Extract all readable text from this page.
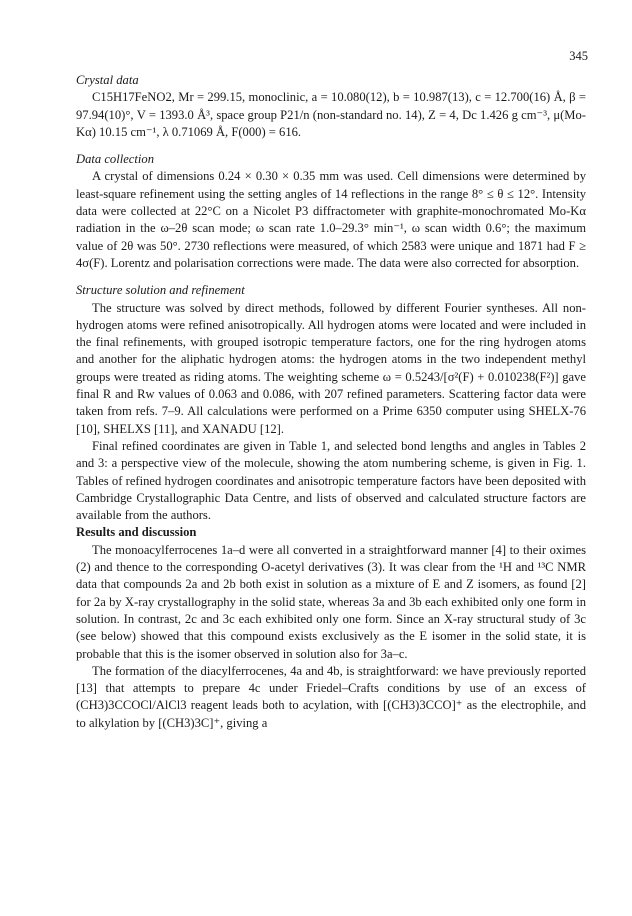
345

Crystal data

C15H17FeNO2, Mr = 299.15, monoclinic, a = 10.080(12), b = 10.987(13), c = 12.700(16) Å, β = 97.94(10)°, V = 1393.0 Å³, space group P21/n (non-standard no. 14), Z = 4, Dc 1.426 g cm⁻³, μ(Mo-Kα) 10.15 cm⁻¹, λ 0.71069 Å, F(000) = 616.

Data collection

A crystal of dimensions 0.24 × 0.30 × 0.35 mm was used. Cell dimensions were determined by least-square refinement using the setting angles of 14 reflections in the range 8° ≤ θ ≤ 12°. Intensity data were collected at 22°C on a Nicolet P3 diffractometer with graphite-monochromated Mo-Kα radiation in the ω–2θ scan mode; ω scan rate 1.0–29.3° min⁻¹, ω scan width 0.6°; the maximum value of 2θ was 50°. 2730 reflections were measured, of which 2583 were unique and 1871 had F ≥ 4σ(F). Lorentz and polarisation corrections were made. The data were also corrected for absorption.

Structure solution and refinement

The structure was solved by direct methods, followed by different Fourier syntheses. All non-hydrogen atoms were refined anisotropically. All hydrogen atoms were located and were included in the final refinements, with grouped isotropic temperature factors, one for the ring hydrogen atoms and another for the aliphatic hydrogen atoms: the hydrogen atoms in the two independent methyl groups were treated as riding atoms. The weighting scheme ω = 0.5243/[σ²(F) + 0.010238(F²)] gave final R and Rw values of 0.063 and 0.086, with 207 refined parameters. Scattering factor data were taken from refs. 7–9. All calculations were performed on a Prime 6350 computer using SHELX-76 [10], SHELXS [11], and XANADU [12].

Final refined coordinates are given in Table 1, and selected bond lengths and angles in Tables 2 and 3: a perspective view of the molecule, showing the atom numbering scheme, is given in Fig. 1. Tables of refined hydrogen coordinates and anisotropic temperature factors have been deposited with Cambridge Crystallographic Data Centre, and lists of observed and calculated structure factors are available from the authors.

Results and discussion

The monoacylferrocenes 1a–d were all converted in a straightforward manner [4] to their oximes (2) and thence to the corresponding O-acetyl derivatives (3). It was clear from the ¹H and ¹³C NMR data that compounds 2a and 2b both exist in solution as a mixture of E and Z isomers, as found [2] for 2a by X-ray crystallography in the solid state, whereas 3a and 3b each exhibited only one form in solution. In contrast, 2c and 3c each exhibited only one form. Since an X-ray structural study of 3c (see below) showed that this compound exists exclusively as the E isomer in the solid state, it is probable that this is the isomer observed in solution also for 3a–c.

The formation of the diacylferrocenes, 4a and 4b, is straightforward: we have previously reported [13] that attempts to prepare 4c under Friedel–Crafts conditions by use of an excess of (CH3)3CCOCl/AlCl3 reagent leads both to acylation, with [(CH3)3CCO]⁺ as the electrophile, and to alkylation by [(CH3)3C]⁺, giving a
